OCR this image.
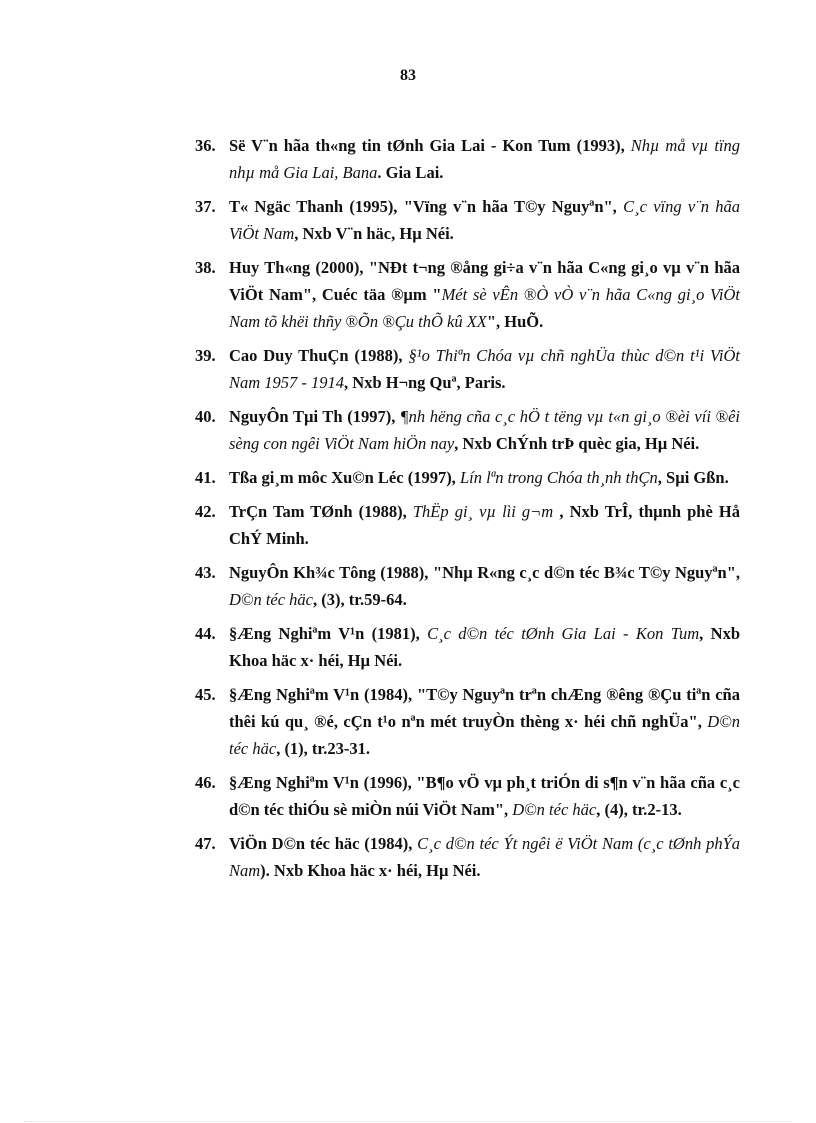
83
36. Së V¨n hãa th«ng tin tØnh Gia Lai - Kon Tum (1993), Nhµ må vµ tïng nhµ må Gia Lai, Bana. Gia Lai.
37. T« Ngäc Thanh (1995), "Vïng v¨n hãa T©y Nguyªn", C¸c vïng v¨n hãa ViÖt Nam, Nxb V¨n häc, Hµ Néi.
38. Huy Th«ng (2000), "NÐt t¬ng ®ång gi÷a v¨n hãa C«ng gi¸o vµ v¨n hãa ViÖt Nam", Cuéc täa ®µm "Mét sè vÊn ®Ò vÒ v¨n hãa C«ng gi¸o ViÖt Nam tõ khëi thñy ®Õn ®Çu thÕ kû XX", HuÕ.
39. Cao Duy ThuÇn (1988), §¹o Thiªn Chóa vµ chñ nghÜa thùc d©n t¹i ViÖt Nam 1957 - 1914, Nxb H¬ng Quª, Paris.
40. NguyÔn Tµi Th (1997), ¶nh hëng cña c¸c hÖ t tëng vµ t«n gi¸o ®èi víi ®êi sèng con ngêi ViÖt Nam hiÖn nay, Nxb ChÝnh trÞ quèc gia, Hµ Néi.
41. Tßa gi¸m môc Xu©n Léc (1997), Lín lªn trong Chóa th¸nh thÇn, Sµi Gßn.
42. TrÇn Tam TØnh (1988), ThËp gi¸ vµ lìi g¬m , Nxb TrÎ, thµnh phè Hå ChÝ Minh.
43. NguyÔn Kh¾c Tông (1988), "Nhµ R«ng c¸c d©n téc B¾c T©y Nguyªn", D©n téc häc, (3), tr.59-64.
44. §Æng Nghiªm V¹n (1981), C¸c d©n téc tØnh Gia Lai - Kon Tum, Nxb Khoa häc x· héi, Hµ Néi.
45. §Æng Nghiªm V¹n (1984), "T©y Nguyªn trªn chÆng ®êng ®Çu tiªn cña thêi kú qu¸ ®é, cÇn t¹o nªn mét truyÒn thèng x· héi chñ nghÜa", D©n téc häc, (1), tr.23-31.
46. §Æng Nghiªm V¹n (1996), "B¶o vÖ vµ ph¸t triÓn di s¶n v¨n hãa cña c¸c d©n téc thiÓu sè miÒn núi ViÖt Nam", D©n téc häc, (4), tr.2-13.
47. ViÖn D©n téc häc (1984), C¸c d©n téc Ýt ngêi ë ViÖt Nam (c¸c tØnh phÝa Nam). Nxb Khoa häc x· héi, Hµ Néi.
